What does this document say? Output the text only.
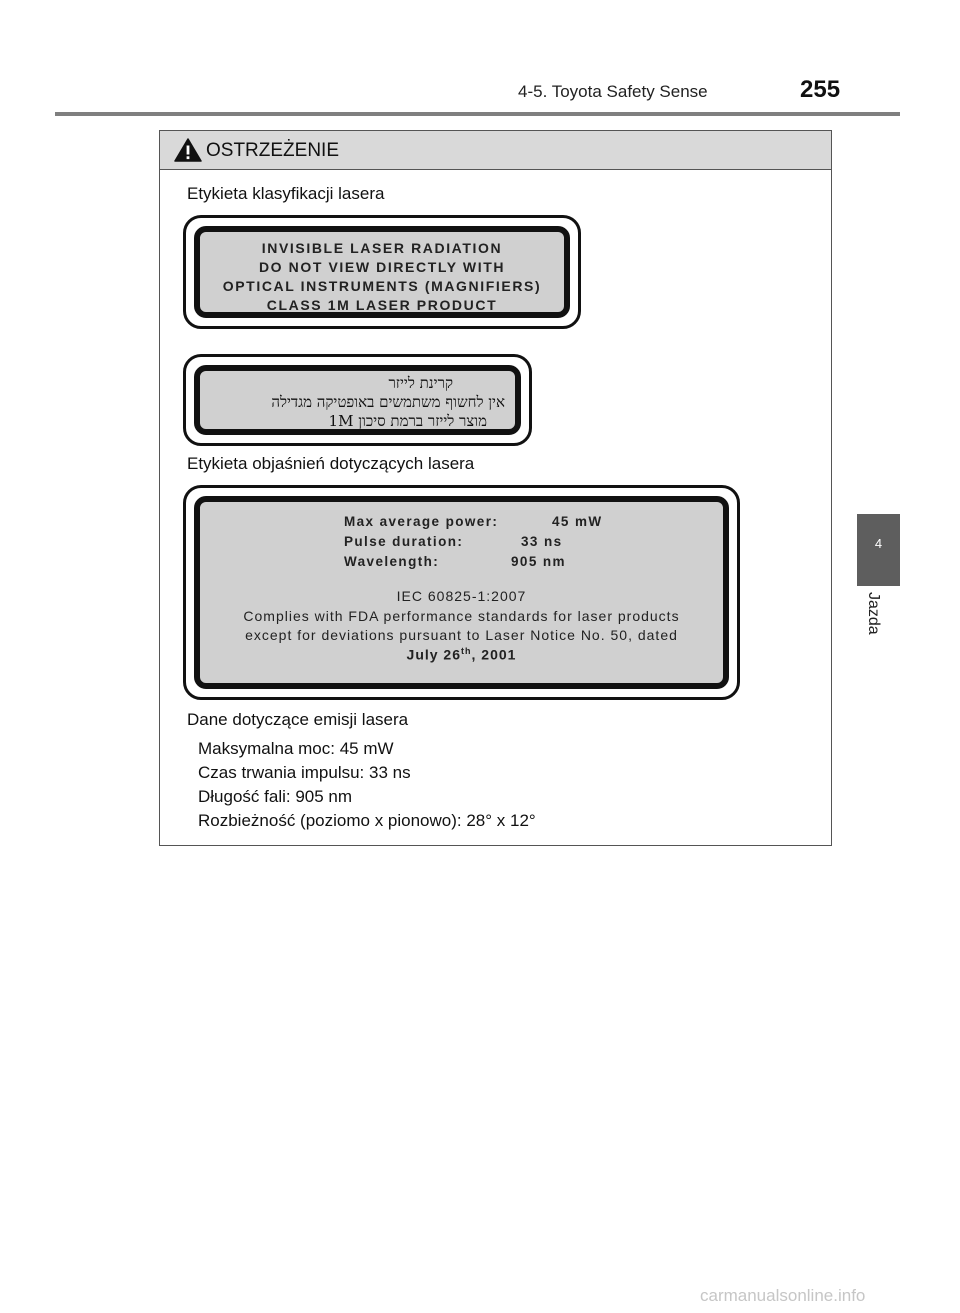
4-5. Toyota Safety Sense	255
4
Jazda
OSTRZEŻENIE
Etykieta klasyfikacji lasera
INVISIBLE LASER RADIATION
DO NOT VIEW DIRECTLY WITH
OPTICAL INSTRUMENTS (MAGNIFIERS)
CLASS 1M LASER PRODUCT
קרינת לייזר
אין לחשוף משתמשים באופטיקה מגדילה
מוצר לייזר ברמת סיכון 1M
Etykieta objaśnień dotyczących lasera
Max average power:	45 mW
Pulse duration:	33 ns
Wavelength:	905 nm
IEC 60825-1:2007
Complies with FDA performance standards for laser products
except for deviations pursuant to Laser Notice No. 50, dated
July 26th, 2001
Dane dotyczące emisji lasera
Maksymalna moc: 45 mW
Czas trwania impulsu: 33 ns
Długość fali: 905 nm
Rozbieżność (poziomo x pionowo): 28° x 12°
carmanualsonline.info
